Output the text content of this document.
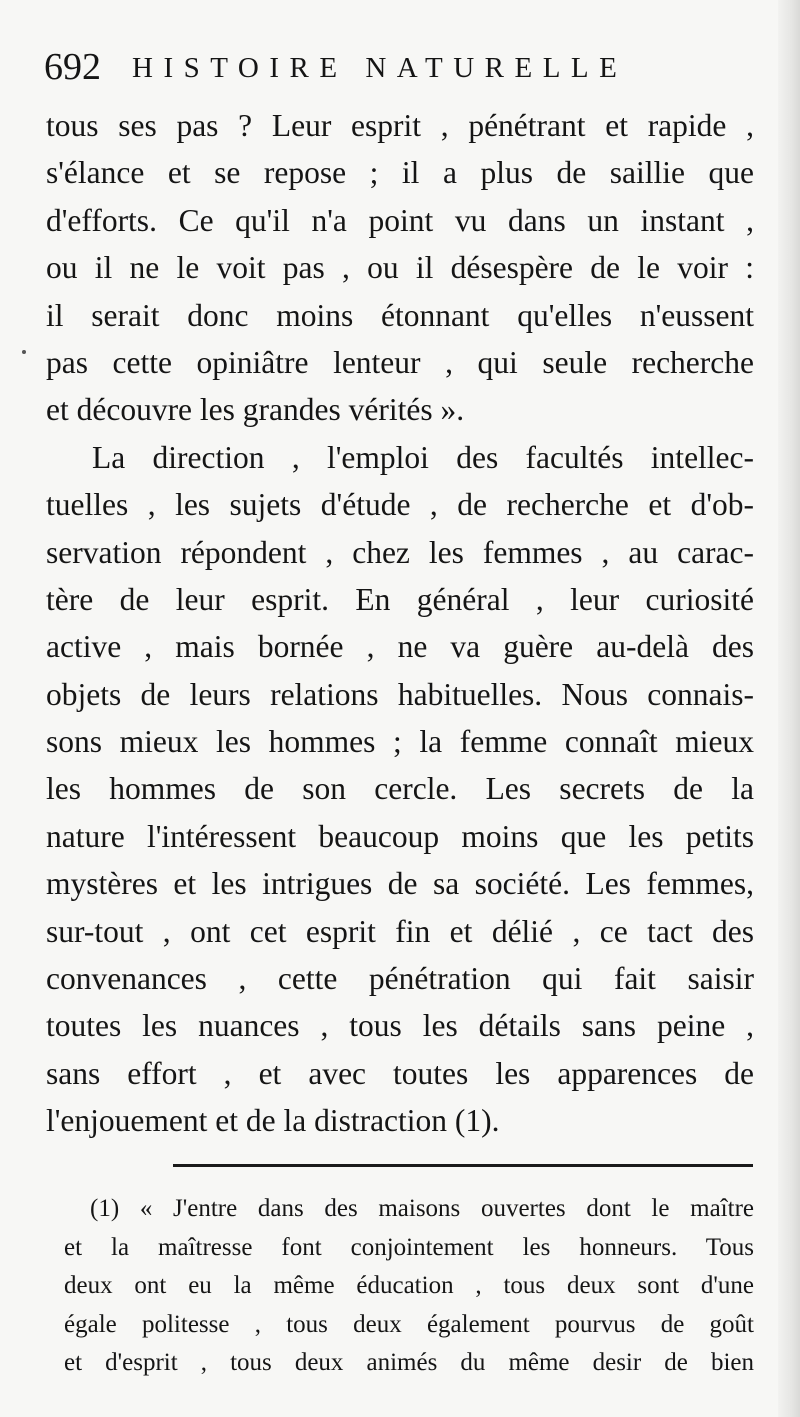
692 HISTOIRE NATURELLE
tous ses pas ? Leur esprit , pénétrant et rapide ,
s'élance et se repose ; il a plus de saillie que
d'efforts. Ce qu'il n'a point vu dans un instant ,
ou il ne le voit pas , ou il désespère de le voir :
il serait donc moins étonnant qu'elles n'eussent
pas cette opiniâtre lenteur , qui seule recherche
et découvre les grandes vérités ».
La direction , l'emploi des facultés intellec-
tuelles , les sujets d'étude , de recherche et d'ob-
servation répondent , chez les femmes , au carac-
tère de leur esprit. En général , leur curiosité
active , mais bornée , ne va guère au-delà des
objets de leurs relations habituelles. Nous connais-
sons mieux les hommes ; la femme connaît mieux
les hommes de son cercle. Les secrets de la
nature l'intéressent beaucoup moins que les petits
mystères et les intrigues de sa société. Les femmes,
sur-tout , ont cet esprit fin et délié , ce tact des
convenances , cette pénétration qui fait saisir
toutes les nuances , tous les détails sans peine ,
sans effort , et avec toutes les apparences de
l'enjouement et de la distraction (1).
(1) « J'entre dans des maisons ouvertes dont le maître
et la maîtresse font conjointement les honneurs. Tous
deux ont eu la même éducation , tous deux sont d'une
égale politesse , tous deux également pourvus de goût
et d'esprit , tous deux animés du même desir de bien
